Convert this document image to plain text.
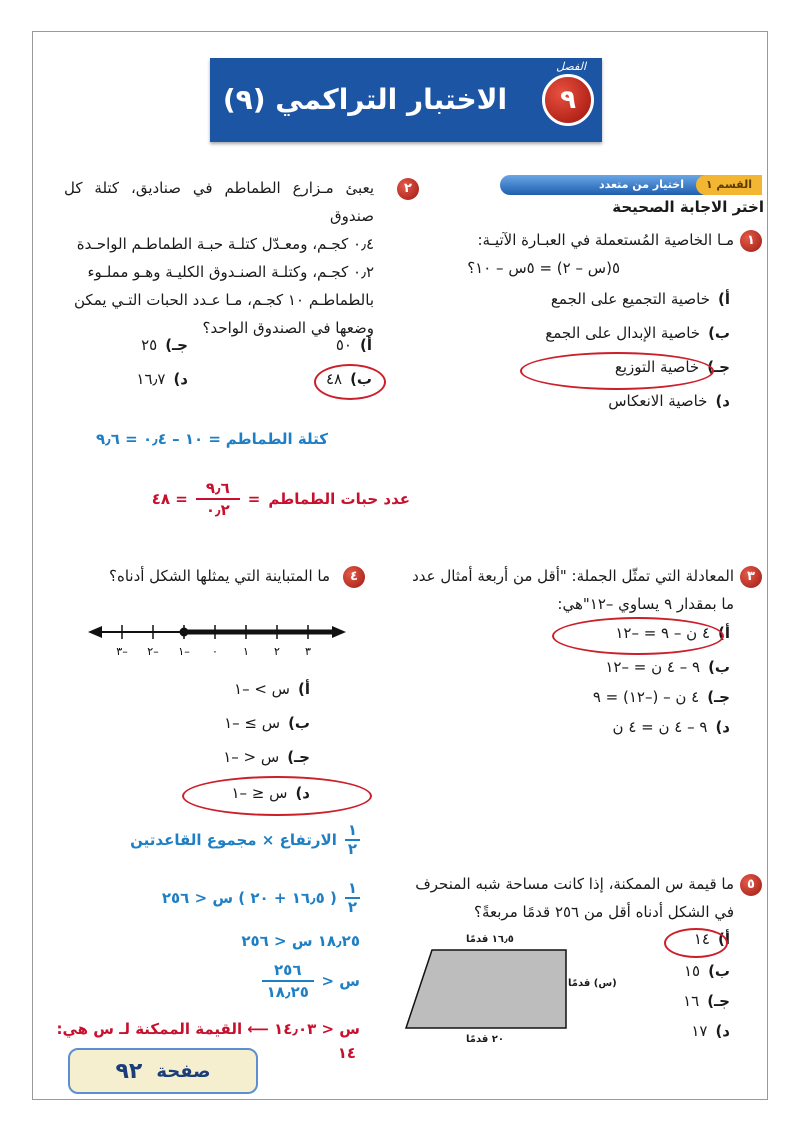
الاختبار التراكمي (٩)	٩
الفصل
القسم ١
اختيار من متعدد
اختر الاجابة الصحيحة
١
مـا الخاصية المُستعملة في العبـارة الآتيـة:
٥(س – ٢) = ٥س – ١٠؟
أ)خاصية التجميع على الجمع
ب)خاصية الإبدال على الجمع
جـ)خاصية التوزيع
د)خاصية الانعكاس
٢
يعبئ مـزارع الطماطم في صناديق، كتلة كل صندوق
٠٫٤ كجـم، ومعـدّل كتلـة حبـة الطماطـم الواحـدة
٠٫٢ كجـم، وكتلـة الصنـدوق الكليـة وهـو مملـوء
بالطماطـم ١٠ كجـم، مـا عـدد الحبات التـي يمكن
وضعها في الصندوق الواحد؟
أ)٥٠
جـ)٢٥
ب)٤٨
د)١٦٫٧
كتلة الطماطم = ١٠ – ٠٫٤ = ٩٫٦
عدد حبات الطماطم
=
٩٫٦
٠٫٢
= ٤٨
٣
المعادلة التي تمثّل الجملة: "أقل من أربعة أمثال عدد
ما بمقدار ٩ يساوي –١٢"هي:
أ)٤ ن – ٩ = –١٢
ب)٩ – ٤ ن = –١٢
جـ)٤ ن – (–١٢) = ٩
د)٩ – ٤ ن = ٤ ن
٤
ما المتباينة التي يمثلها الشكل أدناه؟
٣– ٢– ١– ٠ ١ ٢ ٣
أ)س > –١
ب)س ≥ –١
جـ)س < –١
د)س ≤ –١
٥
ما قيمة س الممكنة، إذا كانت مساحة شبه المنحرف
في الشكل أدناه أقل من ٢٥٦ قدمًا مربعةً؟
١٦٫٥ قدمًا
(س) قدمًا
٢٠ قدمًا
أ)١٤
ب)١٥
جـ)١٦
د)١٧
١
٢
الارتفاع × مجموع القاعدتين
١
٢
( ١٦٫٥ + ٢٠ ) س < ٢٥٦
١٨٫٢٥ س < ٢٥٦
س <
٢٥٦
١٨٫٢٥
س < ١٤٫٠٣ ⟵ القيمة الممكنة لـ س هي:
١٤
صفحة
٩٢
